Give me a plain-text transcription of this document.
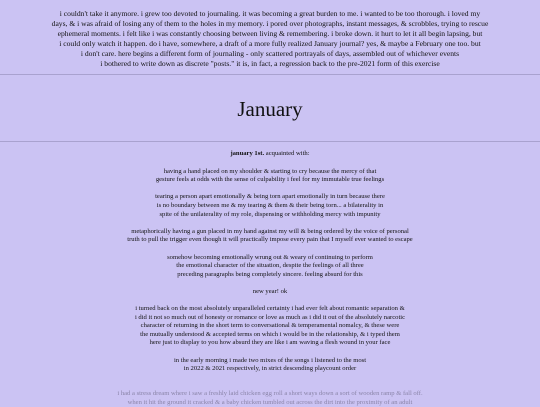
i couldn't take it anymore. i grew too devoted to journaling. it was becoming a great burden to me. i wanted to be too thorough. i loved my

days, & i was afraid of losing any of them to the holes in my memory. i pored over photographs, instant messages, & scrobbles, trying to rescue

ephemeral moments. i felt like i was constantly choosing between living & remembering. i broke down. it hurt to let it all begin lapsing, but

i could only watch it happen. do i have, somewhere, a draft of a more fully realized January journal? yes, & maybe a February one too. but

i don't care. here begins a different form of journaling - only scattered portrayals of days, assembled out of whichever events

i bothered to write down as discrete "posts." it is, in fact, a regression back to the pre-2021 form of this exercise

January

january 1st. acquainted with:

having a hand placed on my shoulder & starting to cry because the mercy of that
gesture feels at odds with the sense of culpability i feel for my immutable true feelings

tearing a person apart emotionally & being torn apart emotionally in turn because there
is no boundary between me & my tearing & them & their being torn... a bilaterality in
spite of the unilaterality of my role, dispensing or withholding mercy with impunity

metaphorically having a gun placed in my hand against my will & being ordered by the voice of personal
truth to pull the trigger even though it will practically impose every pain that I myself ever wanted to escape

somehow becoming emotionally wrung out & weary of continuing to perform
the emotional character of the situation, despite the feelings of all three
preceding paragraphs being completely sincere. feeling absurd for this

new year! ok

i turned back on the most absolutely unparalleled certainty i had ever felt about romantic separation &
i did it not so much out of honesty or romance or love as much as i did it out of the absolutely narcotic
character of returning in the short term to conversational & temperamental nomalcy, & these were
the mutually understood & accepted terms on which i would be in the relationship, & i typed them
here just to display to you how absurd they are like i am waving a flesh wound in your face

in the early morning i made two mixes of the songs i listened to the most
in 2022 & 2021 respectively, in strict descending playcount order

i had a stress dream where i saw a freshly laid chicken egg roll a short ways down a sort of wooden ramp & fall off.
when it hit the ground it cracked & a baby chicken tumbled out across the dirt into the proximity of an adult
